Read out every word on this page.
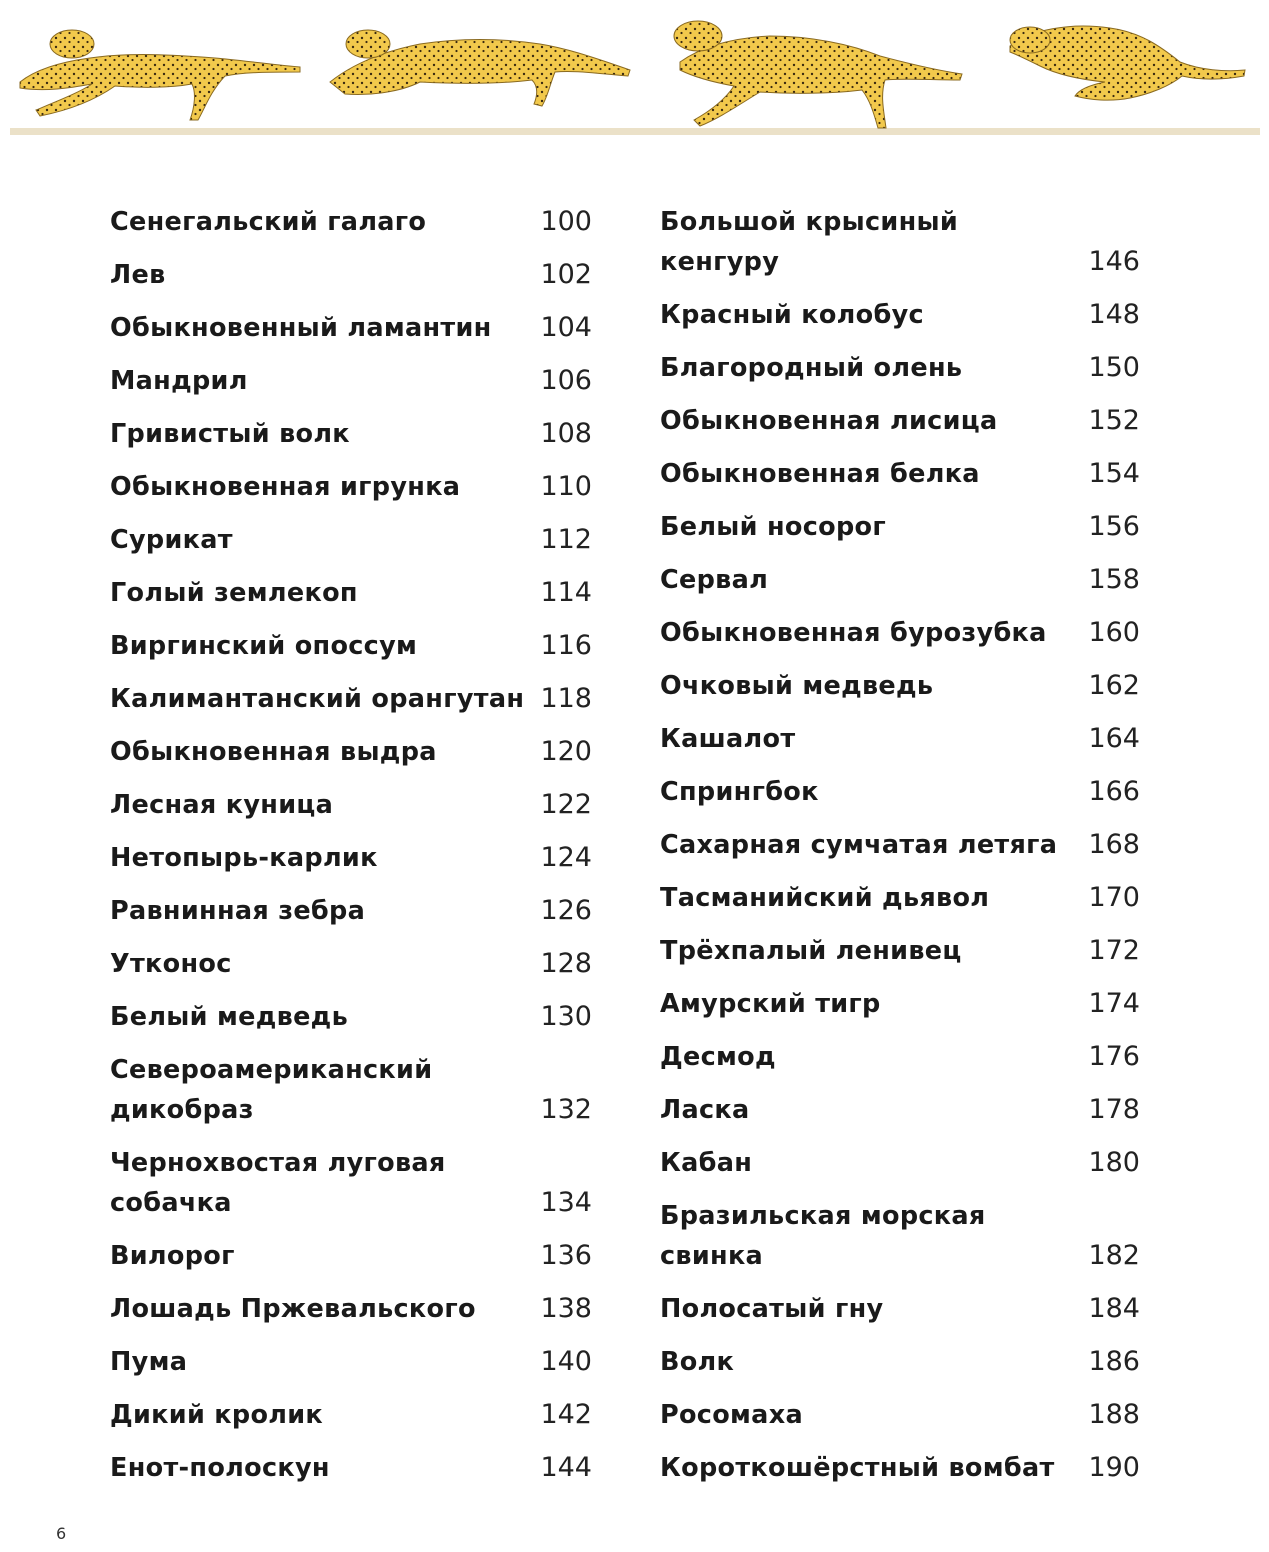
Сенегальский галаго	100
Лев	102
Обыкновенный ламантин	104
Мандрил	106
Гривистый волк	108
Обыкновенная игрунка	110
Сурикат	112
Голый землекоп	114
Виргинский опоссум	116
Калимантанский орангутан 118
Обыкновенная выдра	120
Лесная куница	122
Нетопырь-карлик	124
Равнинная зебра	126
Утконос	128
Белый медведь	130
Североамериканский дикобраз	132
Чернохвостая луговая собачка	134
Вилорог	136
Лошадь Пржевальского	138
Пума	140
Дикий кролик	142
Енот-полоскун	144
Большой крысиный кенгуру	146
Красный колобус	148
Благородный олень	150
Обыкновенная лисица	152
Обыкновенная белка	154
Белый носорог	156
Сервал	158
Обыкновенная бурозубка	160
Очковый медведь	162
Кашалот	164
Спрингбок	166
Сахарная сумчатая летяга	168
Тасманийский дьявол	170
Трёхпалый ленивец	172
Амурский тигр	174
Десмод	176
Ласка	178
Кабан	180
Бразильская морская свинка	182
Полосатый гну	184
Волк	186
Росомаха	188
Короткошёрстный вомбат	190
6
